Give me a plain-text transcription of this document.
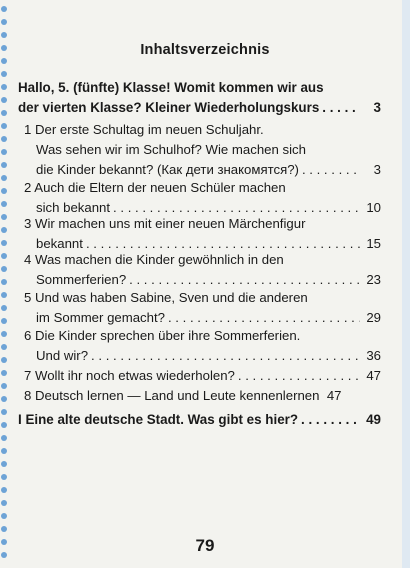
Inhaltsverzeichnis
Hallo, 5. (fünfte) Klasse! Womit kommen wir aus
der vierten Klasse? Kleiner Wiederholungskurs . . .	3
1 Der erste Schultag im neuen Schuljahr.
Was sehen wir im Schulhof? Wie machen sich
die Kinder bekannt? (Как дети знакомятся?) . . .	3
2 Auch die Eltern der neuen Schüler machen
sich bekannt . . .	10
3 Wir machen uns mit einer neuen Märchenfigur
bekannt . . .	15
4 Was machen die Kinder gewöhnlich in den
Sommerferien? . . .	23
5 Und was haben Sabine, Sven und die anderen
im Sommer gemacht? . . .	29
6 Die Kinder sprechen über ihre Sommerferien.
Und wir? . . .	36
7 Wollt ihr noch etwas wiederholen? . . .	47
8 Deutsch lernen — Land und Leute kennenlernen 47
I Eine alte deutsche Stadt. Was gibt es hier? . . .	49
79
